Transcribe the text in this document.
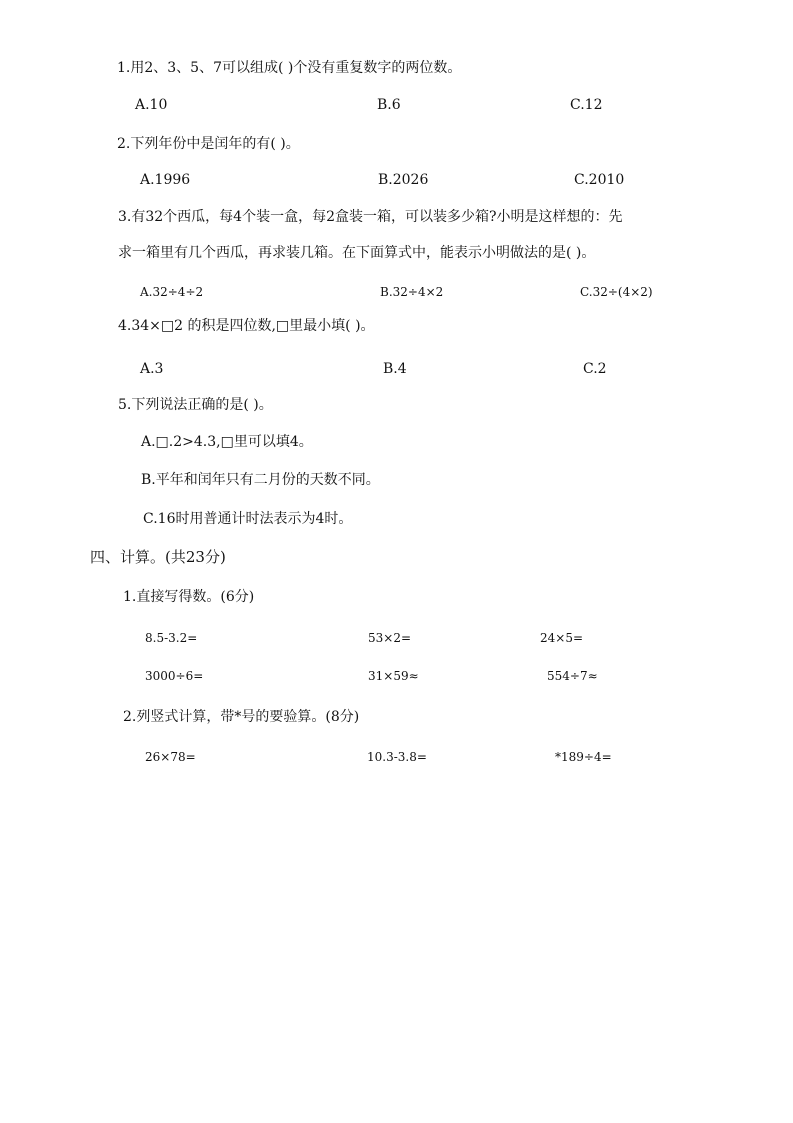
1.用2、3、5、7可以组成( )个没有重复数字的两位数。
A.10	B.6	C.12
2.下列年份中是闰年的有( )。
A.1996	B.2026	C.2010
3.有32个西瓜，每4个装一盒，每2盒装一箱，可以装多少箱?小明是这样想的：先
求一箱里有几个西瓜，再求装几箱。在下面算式中，能表示小明做法的是( )。
A.32÷4÷2	B.32÷4×2	C.32÷(4×2)
4.34×□2 的积是四位数,□里最小填( )。
A.3	B.4	C.2
5.下列说法正确的是( )。
A.□.2>4.3,□里可以填4。
B.平年和闰年只有二月份的天数不同。
C.16时用普通计时法表示为4时。
四、计算。(共23分)
1.直接写得数。(6分)
8.5-3.2=	53×2=	24×5=
3000÷6=	31×59≈	554÷7≈
2.列竖式计算，带*号的要验算。(8分)
26×78=	10.3-3.8=	*189÷4=
